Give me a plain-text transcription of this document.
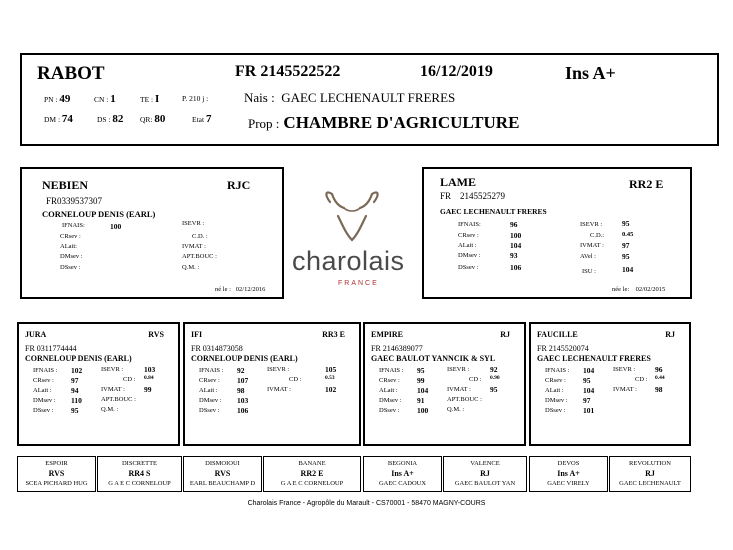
RABOT	FR 2145522522	16/12/2019	Ins A+
PN : 49	CN : 1	TE : I	P. 210 j :
DM : 74	DS : 82 QR: 80	Etat 7
Nais : GAEC LECHENAULT FRERES
Prop : CHAMBRE D'AGRICULTURE
NEBIEN	RJC
FR0339537307
CORNELOUP DENIS (EARL)
IFNAIS:	100
CRsev :
ALait:
DMsev :
DSsev :
ISEVR :
C.D. :
IVMAT :
APT.BOUC :
Q.M. :
né le : 02/12/2016
charolais
FRANCE
LAME	RR2 E
FR 2145525279
GAEC LECHENAULT FRERES
IFNAIS:	96
CRsev :	100
ALait :	104
DMsev :	93
DSsev :	106
ISEVR :	95
C.D.:	0.45
IVMAT : 97
AVel :	95
ISU :	104
née le: 02/02/2015
JURA	RVS
FR 0311774444
CORNELOUP DENIS (EARL)
IFNAIS : 102	ISEVR :	103
CRsev : 97	CD : 0.84
ALait :	94	IVMAT :	99
DMsev : 110	APT.BOUC :
DSsev : 95	Q.M. :
IFI	RR3 E
FR 0314873058
CORNELOUP DENIS (EARL)
IFNAIS : 92	ISEVR :	105
CRsev : 107	CD :	0.53
ALait :	98	IVMAT :	102
DMsev : 103
DSsev : 106
EMPIRE	RJ
FR 2146389077
GAEC BAULOT YANNCIK & SYL
IFNAIS : 95	ISEVR :	92
CRsev : 99	CD : 0.90
ALait :	104	IVMAT :	95
DMsev : 91	APT.BOUC :
DSsev : 100	Q.M. :
FAUCILLE	RJ
FR 2145520074
GAEC LECHENAULT FRERES
IFNAIS : 104	ISEVR :	96
CRsev : 95	CD : 0.44
ALait :	104	IVMAT : 98
DMsev : 97
DSsev : 101
ESPOIR
RVS
SCEA PICHARD HUG
DISCRETTE
RR4 S
G A E C CORNELOUP
DISMOIOUI
RVS
EARL BEAUCHAMP D
BANANE
RR2 E
G A E C CORNELOUP
BEGONIA
Ins A+
GAEC CADOUX
VALENCE
RJ
GAEC BAULOT YAN
DEVOS
Ins A+
GAEC VIRELY
REVOLUTION
RJ
GAEC LECHENAULT
Charolais France - Agropôle du Marault - CS70001 - 58470 MAGNY-COURS
